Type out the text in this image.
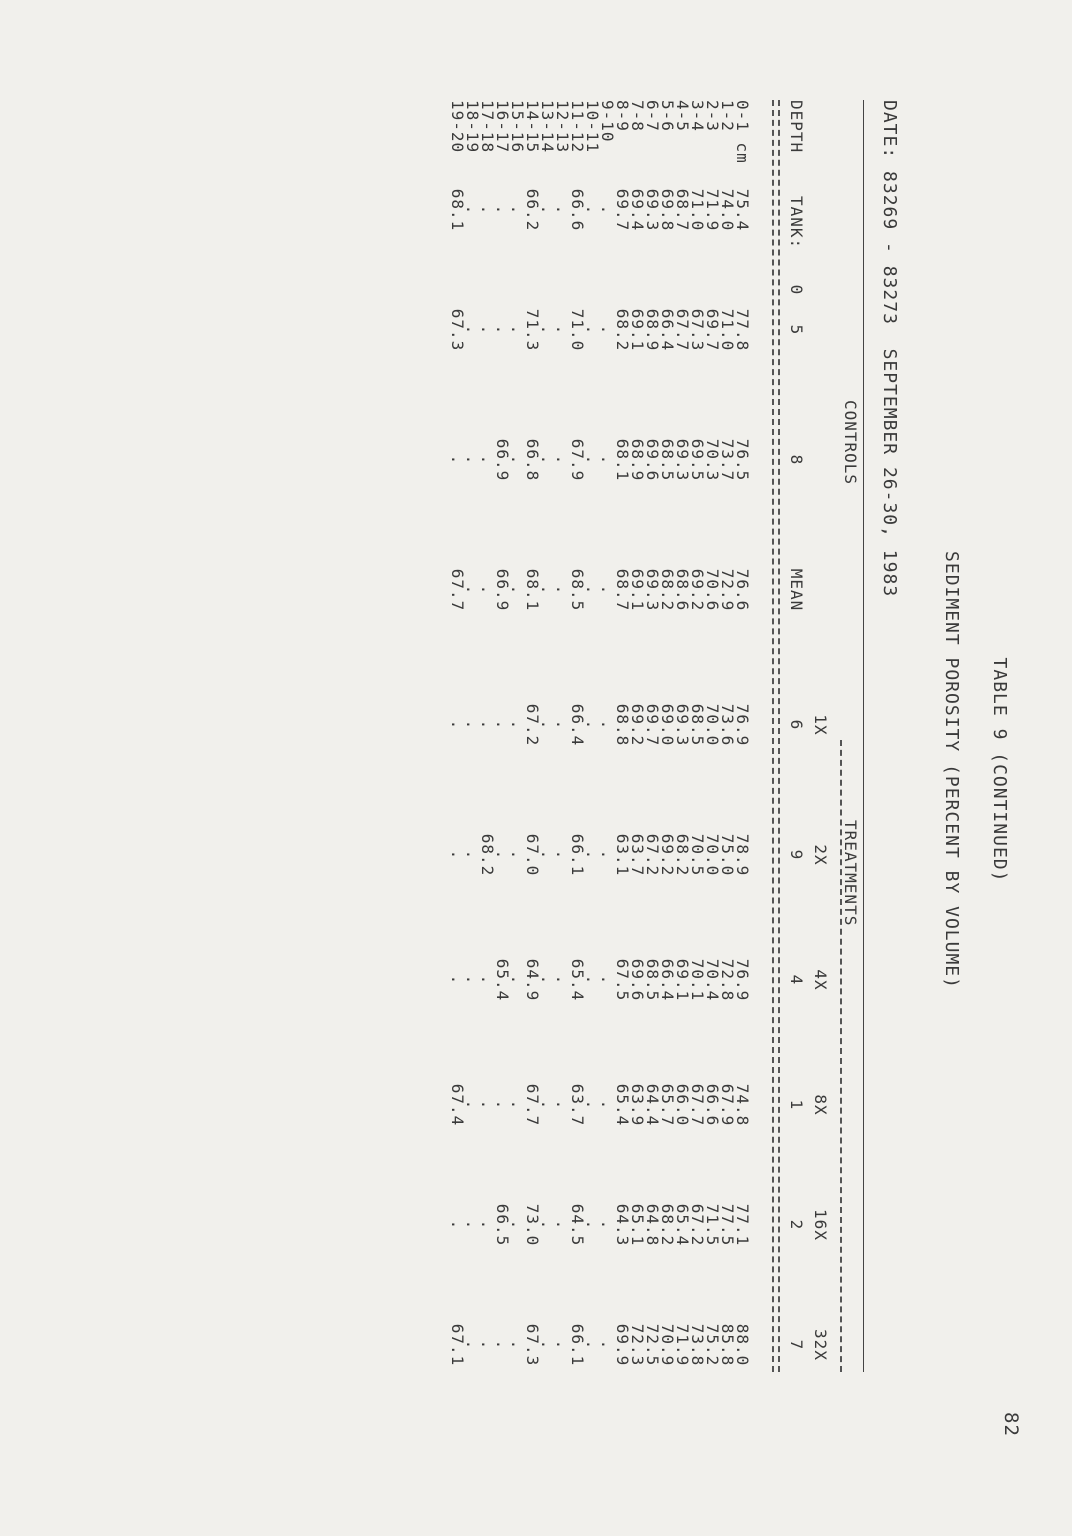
82
TABLE 9 (CONTINUED)
SEDIMENT POROSITY (PERCENT BY VOLUME)
DATE: 83269 - 83273  SEPTEMBER 26-30, 1983
CONTROLS
TREATMENTS
DEPTH
TANK:
0
5
8
MEAN
1X
6
2X
9
4X
4
8X
1
16X
2
32X
7
0-1 cm
75.4
77.8
76.5
76.6
76.9
78.9
76.9
74.8
77.1
88.0
1-2
74.0
71.0
73.7
72.9
73.6
75.0
72.8
67.9
77.5
85.8
2-3
71.9
69.7
70.3
70.6
70.0
70.0
70.4
66.6
71.5
75.2
3-4
71.0
67.3
69.5
69.2
68.5
70.5
70.1
67.7
67.2
73.8
4-5
68.7
67.7
69.3
68.6
69.3
68.2
69.1
66.0
65.4
71.9
5-6
69.8
66.4
68.5
68.2
69.0
69.2
66.4
65.7
68.2
70.9
6-7
69.3
68.9
69.6
69.3
69.7
67.2
68.5
64.4
64.8
72.5
7-8
69.4
69.1
68.9
69.1
69.2
63.7
69.6
63.9
65.1
72.3
8-9
69.7
68.2
68.1
68.7
68.8
63.1
67.5
65.4
64.3
69.9
9-10
.
.
.
.
.
.
.
.
.
.
10-11
.
.
.
.
.
.
.
.
.
.
11-12
66.6
71.0
67.9
68.5
66.4
66.1
65.4
63.7
64.5
66.1
12-13
.
.
.
.
.
.
.
.
.
.
13-14
.
.
.
.
.
.
.
.
.
.
14-15
66.2
71.3
66.8
68.1
67.2
67.0
64.9
67.7
73.0
67.3
15-16
.
.
.
.
.
.
.
.
.
.
16-17
.
.
66.9
66.9
.
.
65.4
.
66.5
.
17-18
.
.
.
.
.
68.2
.
.
.
.
18-19
.
.
.
.
.
.
.
.
.
.
19-20
68.1
67.3
.
67.7
.
.
.
67.4
.
67.1
